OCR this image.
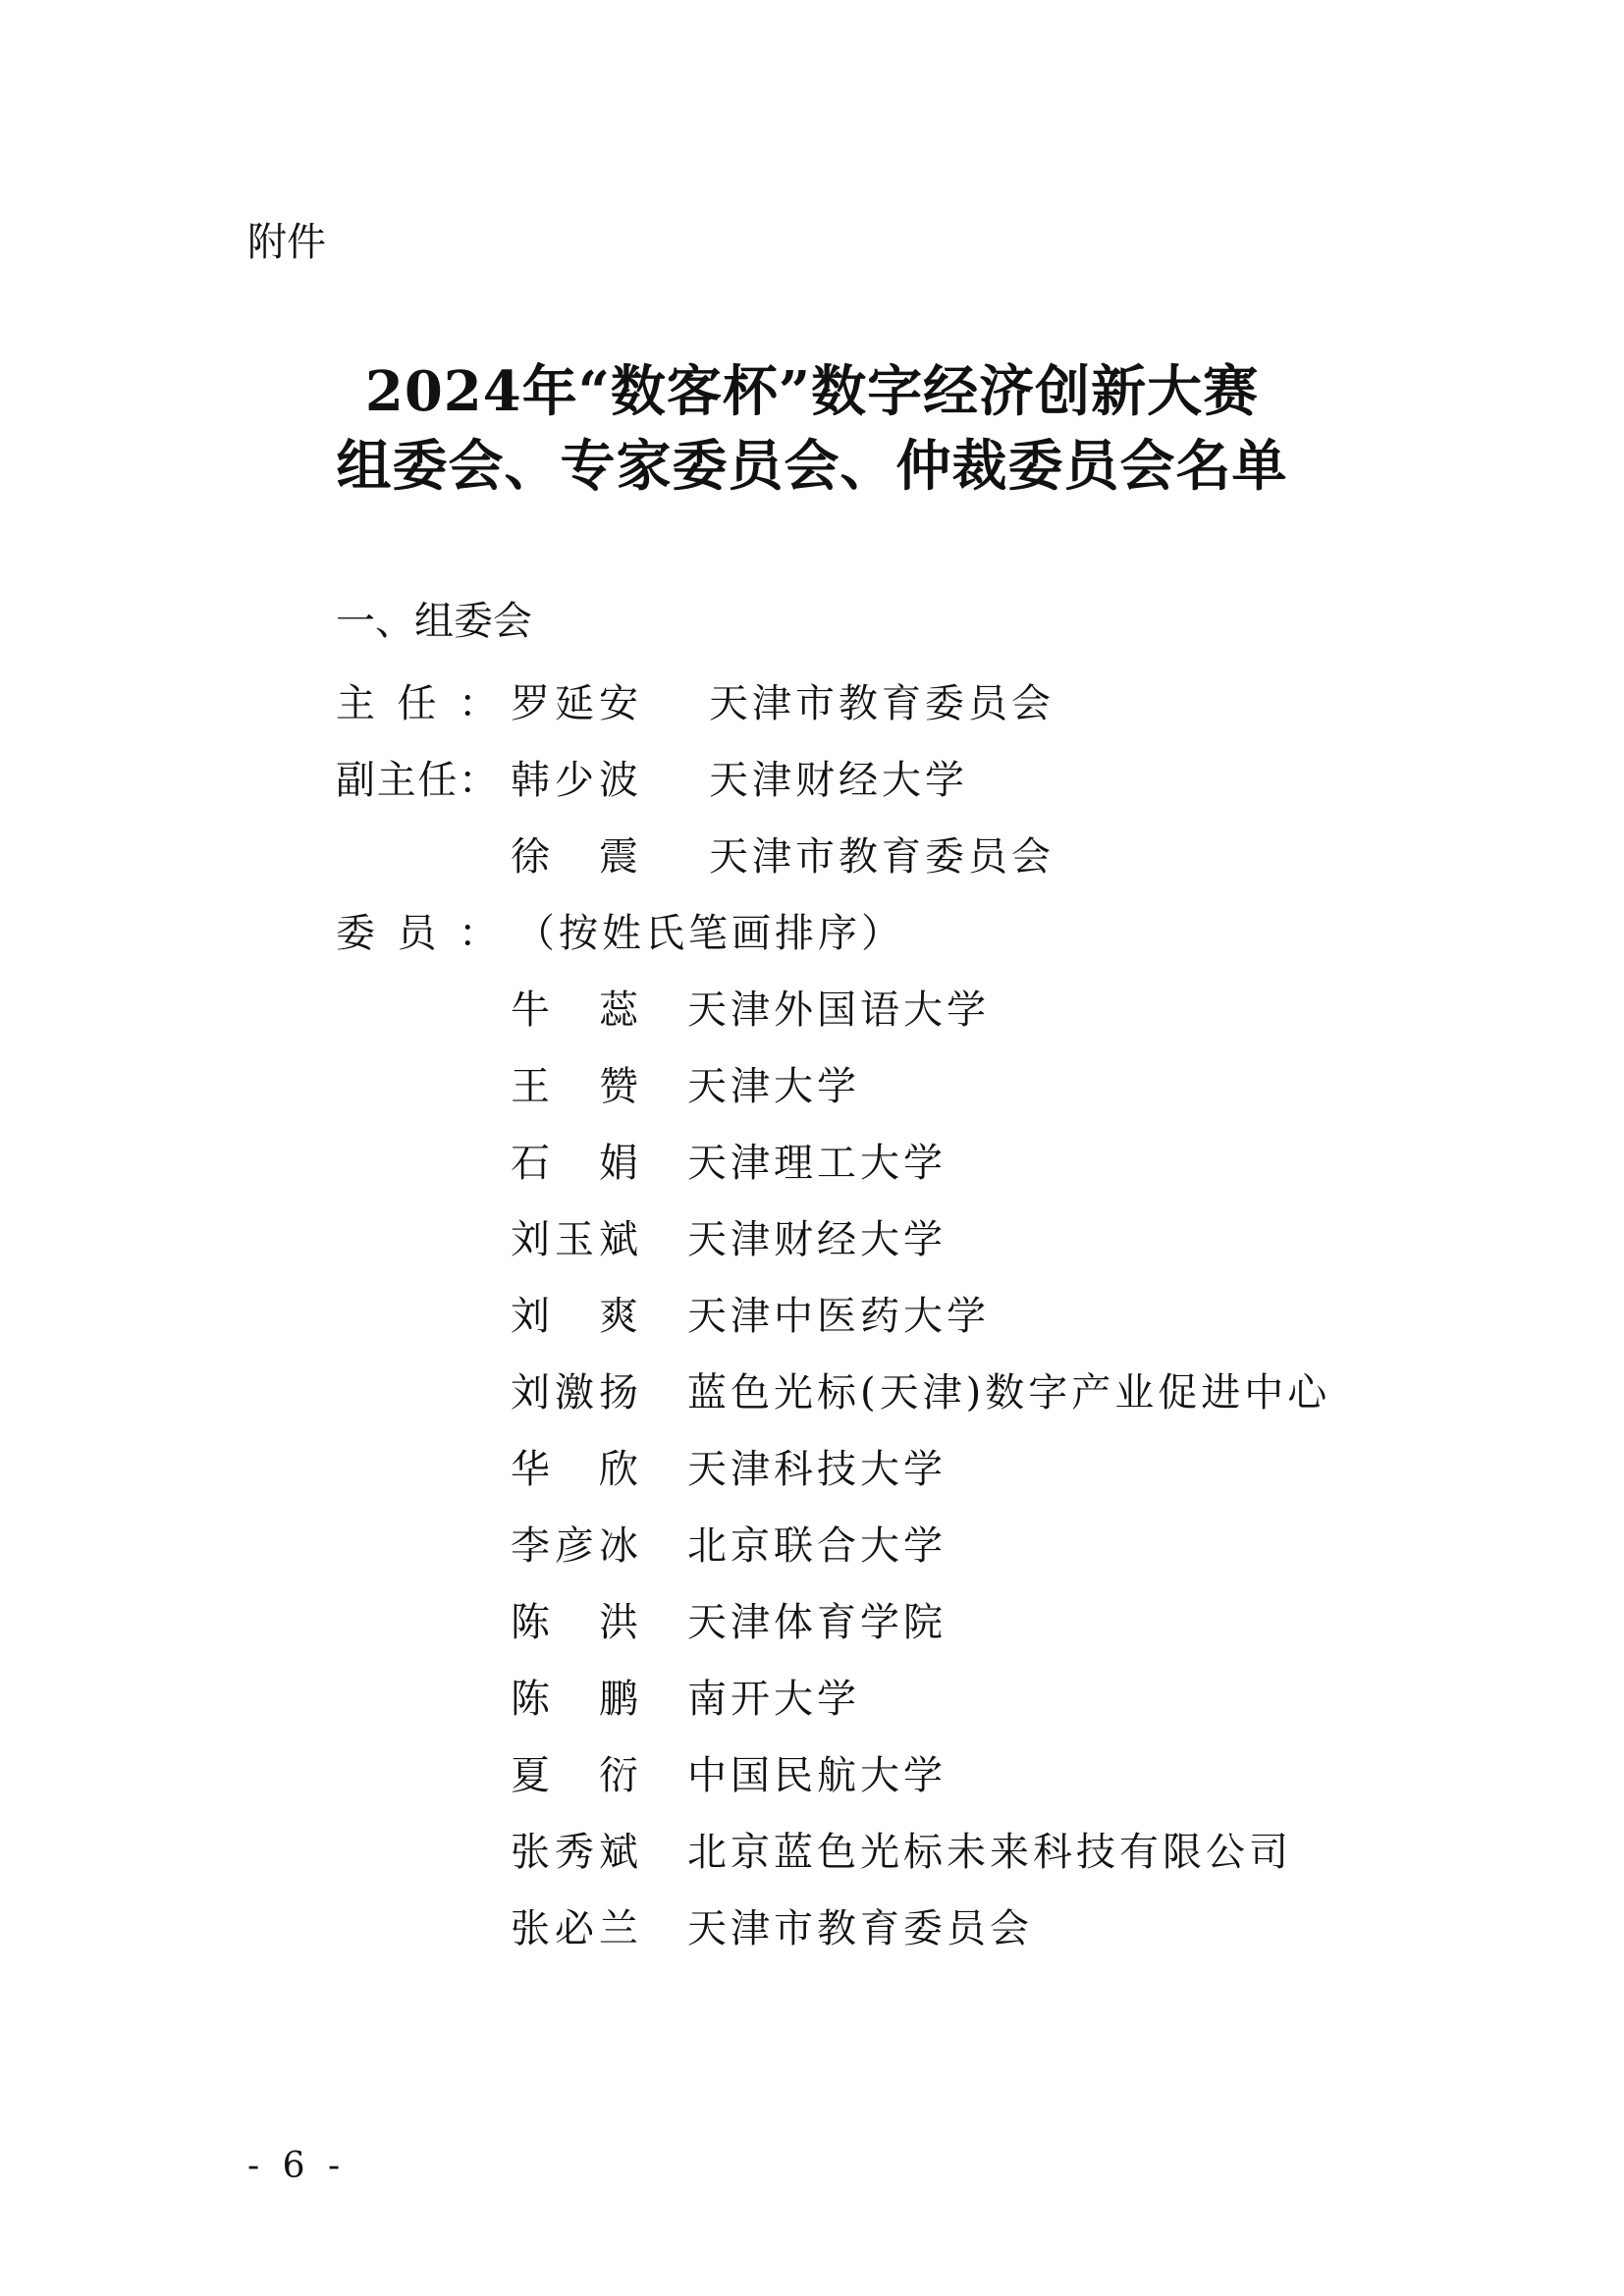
附件
2024年“数客杯”数字经济创新大赛
组委会、专家委员会、仲裁委员会名单
一、组委会
主 任 ： 罗 延 安 天津市教育委员会
副 主 任 ： 韩 少 波 天津财经大学
徐 震 天津市教育委员会
委 员 ： （按姓氏笔画排序）
牛 蕊 天津外国语大学
王 赞 天津大学
石 娟 天津理工大学
刘 玉 斌 天津财经大学
刘 爽 天津中医药大学
刘 激 扬 蓝色光标(天津)数字产业促进中心
华 欣 天津科技大学
李 彦 冰 北京联合大学
陈 洪 天津体育学院
陈 鹏 南开大学
夏 衍 中国民航大学
张 秀 斌 北京蓝色光标未来科技有限公司
张 必 兰 天津市教育委员会
- 6 -
